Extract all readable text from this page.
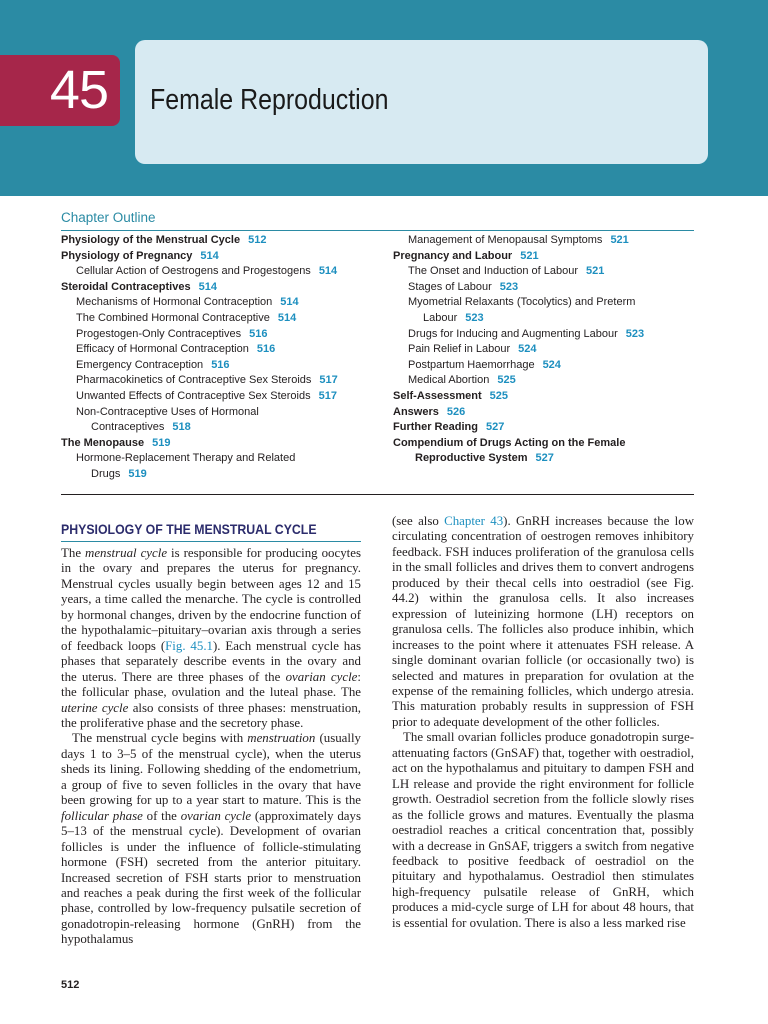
45 Female Reproduction
Chapter Outline
Physiology of the Menstrual Cycle 512
Physiology of Pregnancy 514
Cellular Action of Oestrogens and Progestogens 514
Steroidal Contraceptives 514
Mechanisms of Hormonal Contraception 514
The Combined Hormonal Contraceptive 514
Progestogen-Only Contraceptives 516
Efficacy of Hormonal Contraception 516
Emergency Contraception 516
Pharmacokinetics of Contraceptive Sex Steroids 517
Unwanted Effects of Contraceptive Sex Steroids 517
Non-Contraceptive Uses of Hormonal
Contraceptives 518
The Menopause 519
Hormone-Replacement Therapy and Related
Drugs 519
Management of Menopausal Symptoms 521
Pregnancy and Labour 521
The Onset and Induction of Labour 521
Stages of Labour 523
Myometrial Relaxants (Tocolytics) and Preterm
Labour 523
Drugs for Inducing and Augmenting Labour 523
Pain Relief in Labour 524
Postpartum Haemorrhage 524
Medical Abortion 525
Self-Assessment 525
Answers 526
Further Reading 527
Compendium of Drugs Acting on the Female
Reproductive System 527
PHYSIOLOGY OF THE MENSTRUAL CYCLE

The menstrual cycle is responsible for producing oocytes in the ovary and prepares the uterus for pregnancy. Menstrual cycles usually begin between ages 12 and 15 years, a time called the menarche. The cycle is controlled by hormonal changes, driven by the endocrine function of the hypothalamic–pituitary–ovarian axis through a series of feedback loops (Fig. 45.1). Each menstrual cycle has phases that separately describe events in the ovary and the uterus. There are three phases of the ovarian cycle: the follicular phase, ovulation and the luteal phase. The uterine cycle also consists of three phases: menstruation, the proliferative phase and the secretory phase.

The menstrual cycle begins with menstruation (usually days 1 to 3–5 of the menstrual cycle), when the uterus sheds its lining. Following shedding of the endometrium, a group of five to seven follicles in the ovary that have been growing for up to a year start to mature. This is the follicular phase of the ovarian cycle (approximately days 5–13 of the menstrual cycle). Development of ovarian follicles is under the influence of follicle-stimulating hormone (FSH) secreted from the anterior pituitary. Increased secretion of FSH starts prior to menstruation and reaches a peak during the first week of the follicular phase, controlled by low-frequency pulsatile secretion of gonadotropin-releasing hormone (GnRH) from the hypothalamus

(see also Chapter 43). GnRH increases because the low circulating concentration of oestrogen removes inhibitory feedback. FSH induces proliferation of the granulosa cells in the small follicles and drives them to convert androgens produced by their thecal cells into oestradiol (see Fig. 44.2) within the granulosa cells. It also increases expression of luteinizing hormone (LH) receptors on granulosa cells. The follicles also produce inhibin, which increases to the point where it attenuates FSH release. A single dominant ovarian follicle (or occasionally two) is selected and matures in preparation for ovulation at the expense of the remaining follicles, which undergo atresia. This maturation probably results in suppression of FSH prior to adequate development of the other follicles.

The small ovarian follicles produce gonadotropin surge-attenuating factors (GnSAF) that, together with oestradiol, act on the hypothalamus and pituitary to dampen FSH and LH release and provide the right environment for follicle growth. Oestradiol secretion from the follicle slowly rises as the follicle grows and matures. Eventually the plasma oestradiol reaches a critical concentration that, possibly with a decrease in GnSAF, triggers a switch from negative feedback to positive feedback of oestradiol on the pituitary and hypothalamus. Oestradiol then stimulates high-frequency pulsatile release of GnRH, which produces a mid-cycle surge of LH for about 48 hours, that is essential for ovulation. There is also a less marked rise

512
